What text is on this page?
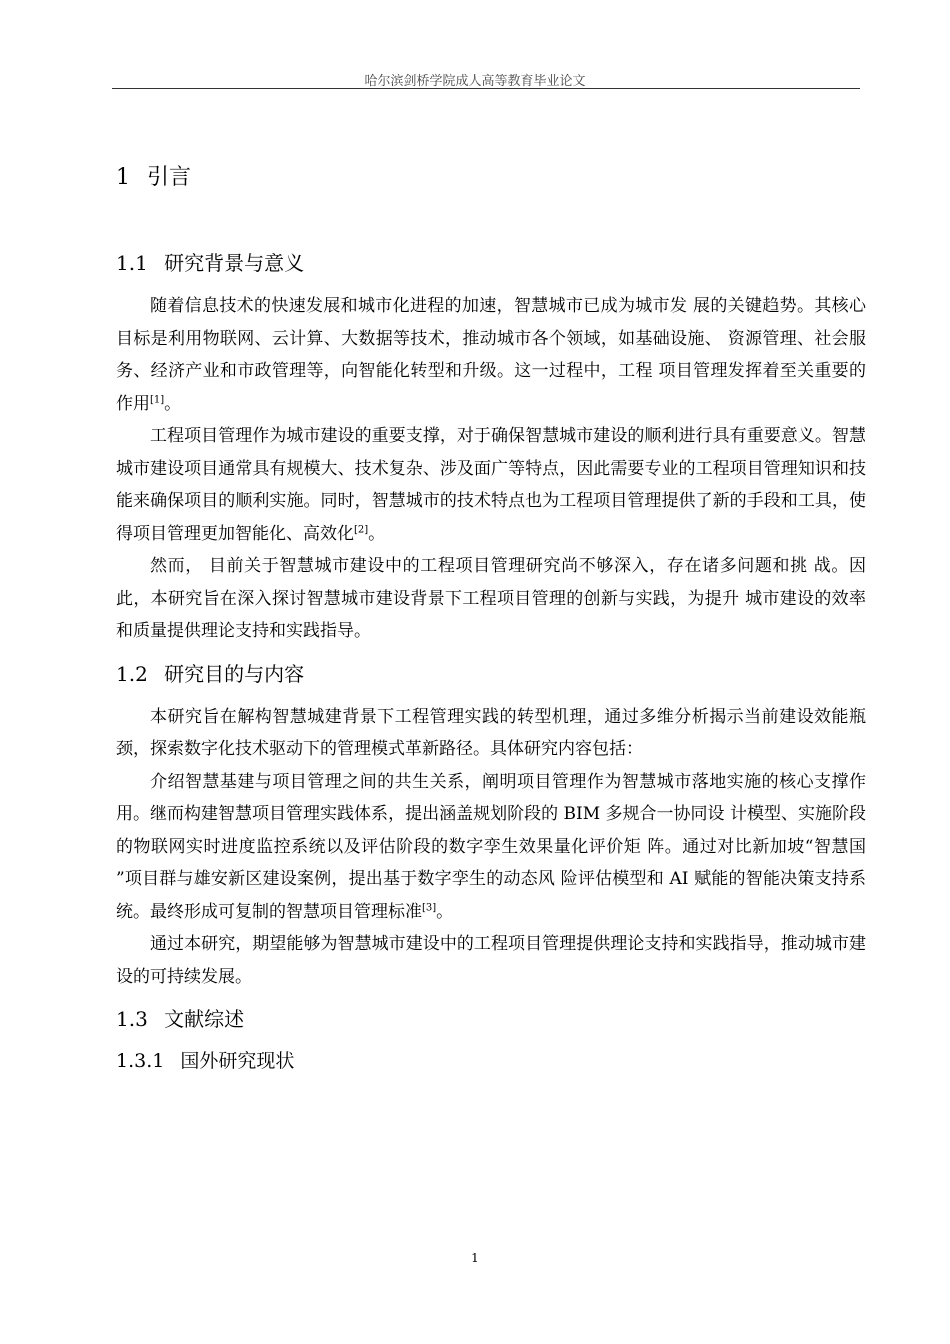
哈尔滨剑桥学院成人高等教育毕业论文
1 引言
1.1 研究背景与意义

随着信息技术的快速发展和城市化进程的加速，智慧城市已成为城市发 展的关键趋势。其核心目标是利用物联网、云计算、大数据等技术，推动城市各个领域，如基础设施、 资源管理、社会服务、经济产业和市政管理等，向智能化转型和升级。这一过程中，工程 项目管理发挥着至关重要的作用[1]。

工程项目管理作为城市建设的重要支撑，对于确保智慧城市建设的顺利进行具有重要意义。智慧城市建设项目通常具有规模大、技术复杂、涉及面广等特点，因此需要专业的工程项目管理知识和技能来确保项目的顺利实施。同时，智慧城市的技术特点也为工程项目管理提供了新的手段和工具，使得项目管理更加智能化、高效化[2]。

然而， 目前关于智慧城市建设中的工程项目管理研究尚不够深入，存在诸多问题和挑 战。因此，本研究旨在深入探讨智慧城市建设背景下工程项目管理的创新与实践，为提升 城市建设的效率和质量提供理论支持和实践指导。

1.2 研究目的与内容

本研究旨在解构智慧城建背景下工程管理实践的转型机理，通过多维分析揭示当前建设效能瓶颈，探索数字化技术驱动下的管理模式革新路径。具体研究内容包括：

介绍智慧基建与项目管理之间的共生关系，阐明项目管理作为智慧城市落地实施的核心支撑作用。继而构建智慧项目管理实践体系，提出涵盖规划阶段的 BIM 多规合一协同设 计模型、实施阶段的物联网实时进度监控系统以及评估阶段的数字孪生效果量化评价矩 阵。通过对比新加坡“智慧国 ”项目群与雄安新区建设案例，提出基于数字孪生的动态风 险评估模型和 AI 赋能的智能决策支持系统。最终形成可复制的智慧项目管理标准[3]。

通过本研究，期望能够为智慧城市建设中的工程项目管理提供理论支持和实践指导，推动城市建设的可持续发展。

1.3 文献综述
1.3.1 国外研究现状
1
